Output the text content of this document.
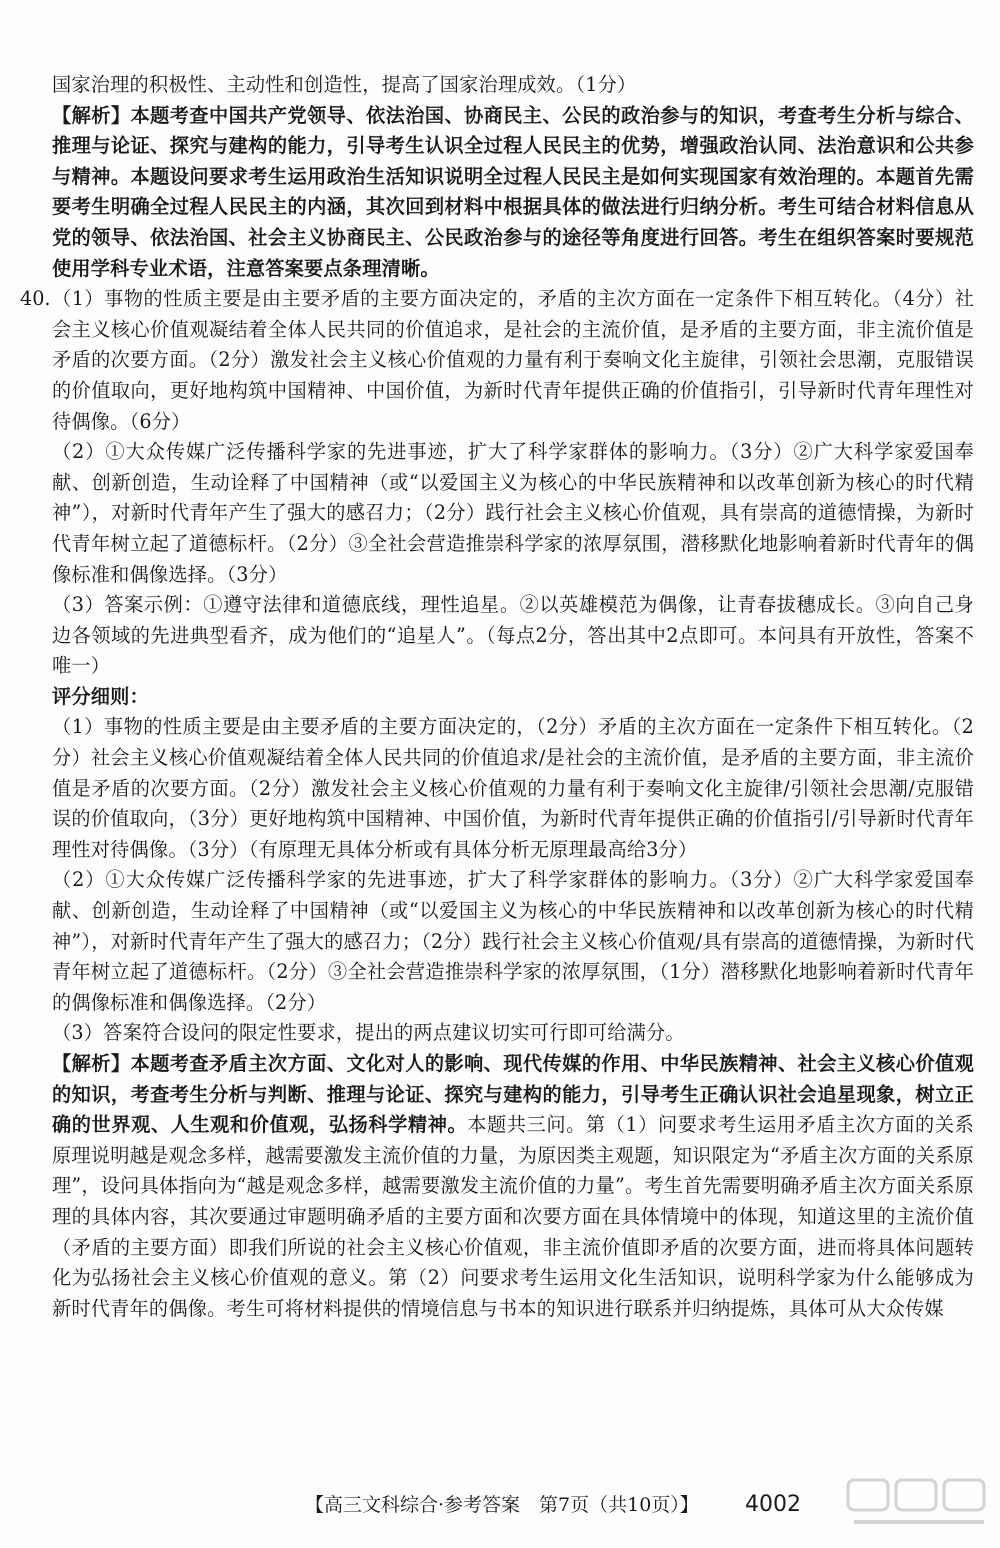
国家治理的积极性、主动性和创造性，提高了国家治理成效。（1分）

【解析】本题考查中国共产党领导、依法治国、协商民主、公民的政治参与的知识，考查考生分析与综合、推理与论证、探究与建构的能力，引导考生认识全过程人民民主的优势，增强政治认同、法治意识和公共参与精神。本题设问要求考生运用政治生活知识说明全过程人民民主是如何实现国家有效治理的。本题首先需要考生明确全过程人民民主的内涵，其次回到材料中根据具体的做法进行归纳分析。考生可结合材料信息从党的领导、依法治国、社会主义协商民主、公民政治参与的途径等角度进行回答。考生在组织答案时要规范使用学科专业术语，注意答案要点条理清晰。

40. （1）事物的性质主要是由主要矛盾的主要方面决定的，矛盾的主次方面在一定条件下相互转化。（4分）社会主义核心价值观凝结着全体人民共同的价值追求，是社会的主流价值，是矛盾的主要方面，非主流价值是矛盾的次要方面。（2分）激发社会主义核心价值观的力量有利于奏响文化主旋律，引领社会思潮，克服错误的价值取向，更好地构筑中国精神、中国价值，为新时代青年提供正确的价值指引，引导新时代青年理性对待偶像。（6分）

（2）①大众传媒广泛传播科学家的先进事迹，扩大了科学家群体的影响力。（3分）②广大科学家爱国奉献、创新创造，生动诠释了中国精神（或“以爱国主义为核心的中华民族精神和以改革创新为核心的时代精神”），对新时代青年产生了强大的感召力；（2分）践行社会主义核心价值观，具有崇高的道德情操，为新时代青年树立起了道德标杆。（2分）③全社会营造推崇科学家的浓厚氛围，潜移默化地影响着新时代青年的偶像标准和偶像选择。（3分）

（3）答案示例：①遵守法律和道德底线，理性追星。②以英雄模范为偶像，让青春拔穗成长。③向自己身边各领域的先进典型看齐，成为他们的“追星人”。（每点2分，答出其中2点即可。本问具有开放性，答案不唯一）

评分细则：

（1）事物的性质主要是由主要矛盾的主要方面决定的，（2分）矛盾的主次方面在一定条件下相互转化。（2分）社会主义核心价值观凝结着全体人民共同的价值追求/是社会的主流价值，是矛盾的主要方面，非主流价值是矛盾的次要方面。（2分）激发社会主义核心价值观的力量有利于奏响文化主旋律/引领社会思潮/克服错误的价值取向，（3分）更好地构筑中国精神、中国价值，为新时代青年提供正确的价值指引/引导新时代青年理性对待偶像。（3分）（有原理无具体分析或有具体分析无原理最高给3分）

（2）①大众传媒广泛传播科学家的先进事迹，扩大了科学家群体的影响力。（3分）②广大科学家爱国奉献、创新创造，生动诠释了中国精神（或“以爱国主义为核心的中华民族精神和以改革创新为核心的时代精神”），对新时代青年产生了强大的感召力；（2分）践行社会主义核心价值观/具有崇高的道德情操，为新时代青年树立起了道德标杆。（2分）③全社会营造推崇科学家的浓厚氛围，（1分）潜移默化地影响着新时代青年的偶像标准和偶像选择。（2分）

（3）答案符合设问的限定性要求，提出的两点建议切实可行即可给满分。

【解析】本题考查矛盾主次方面、文化对人的影响、现代传媒的作用、中华民族精神、社会主义核心价值观的知识，考查考生分析与判断、推理与论证、探究与建构的能力，引导考生正确认识社会追星现象，树立正确的世界观、人生观和价值观，弘扬科学精神。本题共三问。第（1）问要求考生运用矛盾主次方面的关系原理说明越是观念多样，越需要激发主流价值的力量，为原因类主观题，知识限定为“矛盾主次方面的关系原理”，设问具体指向为“越是观念多样，越需要激发主流价值的力量”。考生首先需要明确矛盾主次方面关系原理的具体内容，其次要通过审题明确矛盾的主要方面和次要方面在具体情境中的体现，知道这里的主流价值（矛盾的主要方面）即我们所说的社会主义核心价值观，非主流价值即矛盾的次要方面，进而将具体问题转化为弘扬社会主义核心价值观的意义。第（2）问要求考生运用文化生活知识，说明科学家为什么能够成为新时代青年的偶像。考生可将材料提供的情境信息与书本的知识进行联系并归纳提炼，具体可从大众传媒

【高三文科综合·参考答案　第7页（共10页）】 4002
